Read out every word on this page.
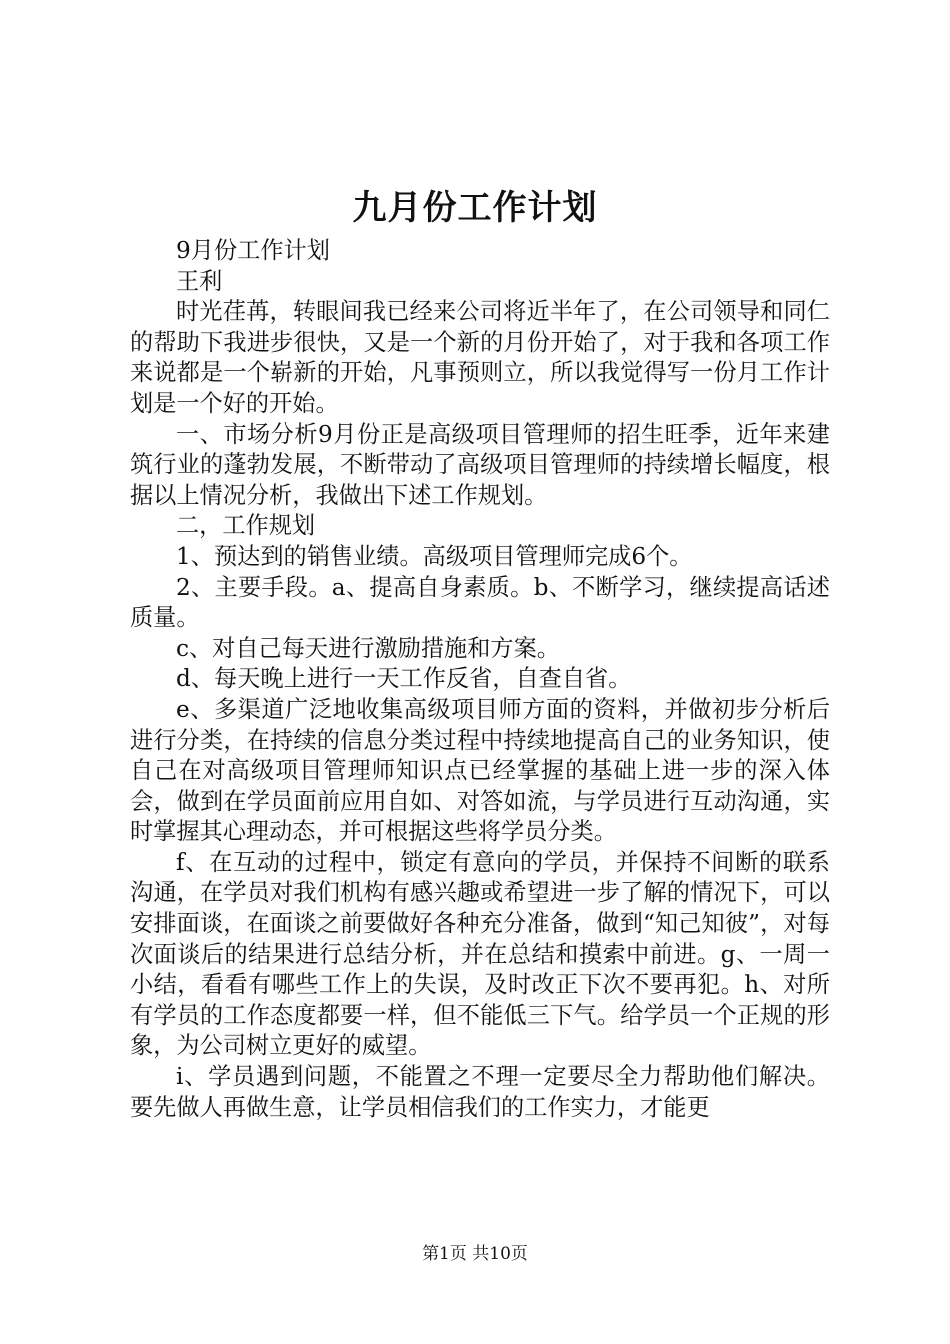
九月份工作计划

9月份工作计划

王利

时光荏苒，转眼间我已经来公司将近半年了，在公司领导和同仁的帮助下我进步很快，又是一个新的月份开始了，对于我和各项工作来说都是一个崭新的开始，凡事预则立，所以我觉得写一份月工作计划是一个好的开始。

一、市场分析9月份正是高级项目管理师的招生旺季，近年来建筑行业的蓬勃发展，不断带动了高级项目管理师的持续增长幅度，根据以上情况分析，我做出下述工作规划。

二，工作规划

1、预达到的销售业绩。高级项目管理师完成6个。

2、主要手段。a、提高自身素质。b、不断学习，继续提高话述质量。

c、对自己每天进行激励措施和方案。

d、每天晚上进行一天工作反省，自查自省。

e、多渠道广泛地收集高级项目师方面的资料，并做初步分析后进行分类，在持续的信息分类过程中持续地提高自己的业务知识，使自己在对高级项目管理师知识点已经掌握的基础上进一步的深入体会，做到在学员面前应用自如、对答如流，与学员进行互动沟通，实时掌握其心理动态，并可根据这些将学员分类。

f、在互动的过程中，锁定有意向的学员，并保持不间断的联系沟通，在学员对我们机构有感兴趣或希望进一步了解的情况下，可以安排面谈，在面谈之前要做好各种充分准备，做到“知己知彼”，对每次面谈后的结果进行总结分析，并在总结和摸索中前进。g、一周一小结，看看有哪些工作上的失误，及时改正下次不要再犯。h、对所有学员的工作态度都要一样，但不能低三下气。给学员一个正规的形象，为公司树立更好的威望。

i、学员遇到问题，不能置之不理一定要尽全力帮助他们解决。要先做人再做生意，让学员相信我们的工作实力，才能更

第1页 共10页
